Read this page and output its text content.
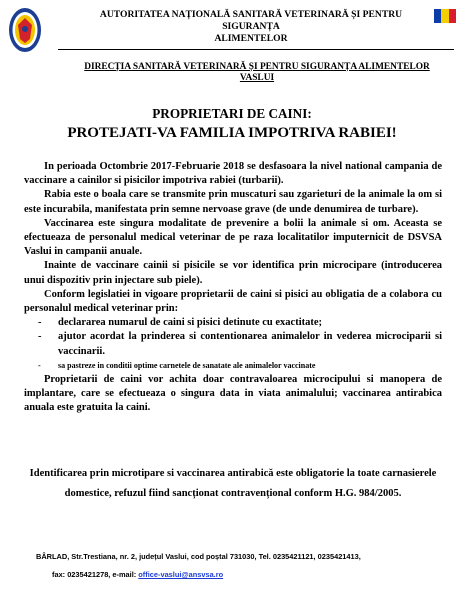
AUTORITATEA NAȚIONALĂ SANITARĂ VETERINARĂ ȘI PENTRU SIGURANȚA
ALIMENTELOR
DIRECȚIA SANITARĂ VETERINARĂ ȘI PENTRU SIGURANȚA ALIMENTELOR
VASLUI
PROPRIETARI DE CAINI:
PROTEJATI-VA FAMILIA IMPOTRIVA RABIEI!

In perioada Octombrie 2017-Februarie 2018 se desfasoara la nivel national campania de vaccinare a cainilor si pisicilor impotriva rabiei (turbarii).

Rabia este o boala care se transmite prin muscaturi sau zgarieturi de la animale la om si este incurabila, manifestata prin semne nervoase grave (de unde denumirea de turbare).

Vaccinarea este singura modalitate de prevenire a bolii la animale si om. Aceasta se efectueaza de personalul medical veterinar de pe raza localitatilor imputernicit de DSVSA Vaslui in campanii anuale.

Inainte de vaccinare cainii si pisicile se vor identifica prin microcipare (introducerea unui dispozitiv prin injectare sub piele).

Conform legislatiei in vigoare proprietarii de caini si pisici au obligatia de a colabora cu personalul medical veterinar prin:

- declararea numarul de caini si pisici detinute cu exactitate;
- ajutor acordat la prinderea si contentionarea animalelor in vederea microciparii si vaccinarii.
- sa pastreze in conditii optime carnetele de sanatate ale animalelor vaccinate

Proprietarii de caini vor achita doar contravaloarea microcipului si manopera de implantare, care se efectueaza o singura data in viata animalului; vaccinarea antirabica anuala este gratuita la caini.

Identificarea prin microtipare si vaccinarea antirabică este obligatorie la toate carnasierele domestice, refuzul fiind sancționat contravențional conform H.G. 984/2005.
BÂRLAD, Str.Trestiana, nr. 2, județul Vaslui, cod poștal 731030, Tel. 0235421121, 0235421413,
fax: 0235421278, e-mail: office-vaslui@ansvsa.ro
